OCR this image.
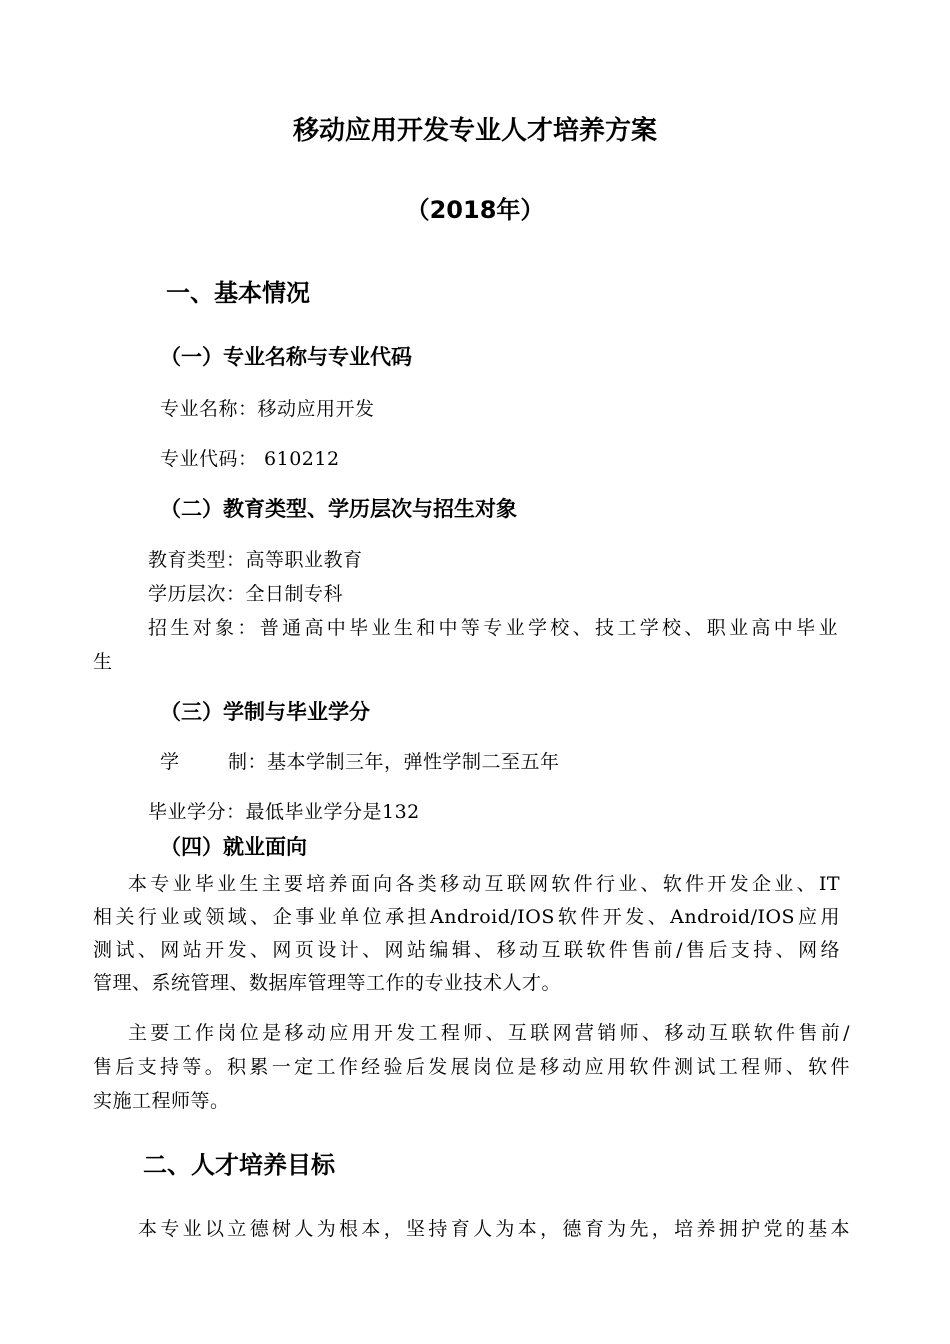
移动应用开发专业人才培养方案
（2018年）
一、基本情况
（一）专业名称与专业代码
专业名称：移动应用开发
专业代码： 610212
（二）教育类型、学历层次与招生对象
教育类型：高等职业教育
学历层次：全日制专科
招生对象：普通高中毕业生和中等专业学校、技工学校、职业高中毕业
生
（三）学制与毕业学分
学	制：基本学制三年，弹性学制二至五年
毕业学分：最低毕业学分是132
（四）就业面向
本专业毕业生主要培养面向各类移动互联网软件行业、软件开发企业、IT
相关行业或领域、企事业单位承担Android/IOS软件开发、Android/IOS应用
测试、网站开发、网页设计、网站编辑、移动互联软件售前/售后支持、网络
管理、系统管理、数据库管理等工作的专业技术人才。
主要工作岗位是移动应用开发工程师、互联网营销师、移动互联软件售前/
售后支持等。积累一定工作经验后发展岗位是移动应用软件测试工程师、软件
实施工程师等。
二、人才培养目标
本专业以立德树人为根本，坚持育人为本，德育为先，培养拥护党的基本
